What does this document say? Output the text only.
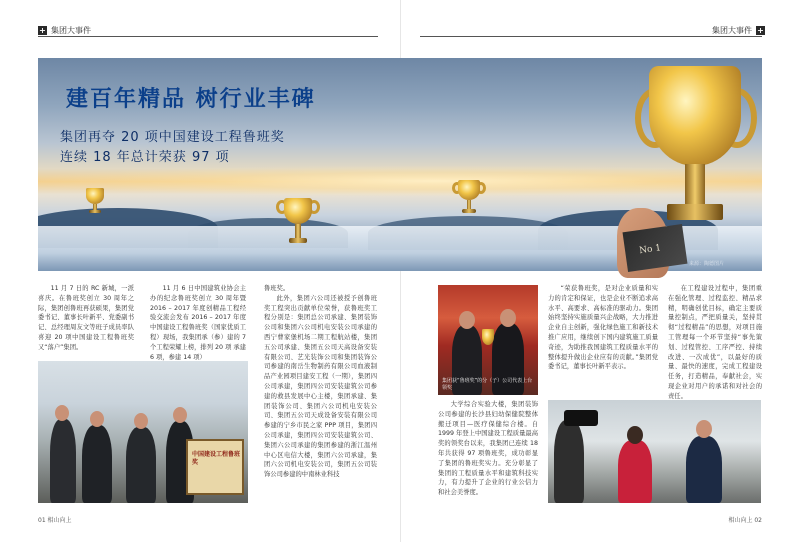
+ 集团大事件	集团大事件 +
建百年精品 树行业丰碑
集团再夺 20 项中国建设工程鲁班奖
连续 18 年总计荣获 97 项
来源：陶德图片
No 1

11 月 7 日的 RC 新城，一派喜庆。在鲁班奖创立 30 周年之际，集团创鲁班再获硕果，集团党委书记、董事长叶新平、党委副书记、总经理周友文等班子成员率队喜迎 20 项中国建设工程鲁班奖又“落户”集团。

11 月 6 日中国建筑业协会主办的纪念鲁班奖创立 30 周年暨 2016 – 2017 年度创精品工程经验交流会发布 2016 – 2017 年度中国建设工程鲁班奖（国家优质工程）现场，我集团承（参）建的 7 个工程荣耀上榜，排列 20 项 承建 6 项，参建 14 项）

鲁班奖。

此外，集团六公司还被授予创鲁班奖工程突出贡献单位荣誉，获鲁班奖工程分别是：集团总公司承建、集团装饰公司和集团六公司机电安装公司承建的西宁曹家堡机场二期工程航站楼，集团五公司承建、集团五公司天高设备安装有限公司、艺光装饰公司和集团装饰公司参建的南岳生物制药有限公司血液制品产业园项目建安工程（一期），集团四公司承建，集团四公司安装建筑公司参建的救县发展中心主楼，集团承建、集团装饰公司、集团六公司机电安装公司、集团五公司天成设备安装有限公司参建的宁乡市民之家 PPP 项目，集团四公司承建，集团四公司安装建筑公司、集团六公司承建的集团参建的浙江温州中心区电信大楼，集团六公司承建，集团六公司机电安装公司，集团五公司装饰公司参建的中南林业科技

中国建设工程鲁班奖
集团获“鲁班奖”的分（子）公司代表上台领奖

“荣获鲁班奖，是对企业质量和实力的肯定和保证，也是企业不断追求高水平、高要求、高标准的驱动力。集团始终坚持实施质量兴企战略，大力推进企业自主创新，强化绿色施工和新技术推广应用，继续创下国内建筑施工质量奇迹，为助推我国建筑工程质量水平的整体提升做出企业应有的贡献。”集团党委书记，董事长叶新平表示。

大学综合实验大楼，集团装饰公司参建的长沙县妇幼保健院整体搬迁项目—医疗保健综合楼。自 1999 年登上中国建设工程质量最高奖的领奖台以来，我集团已连续 18 年共获得 97 项鲁班奖，成功彰显了集团的鲁班奖实力。充分彰显了集团的工程质量水平和建筑科技实力，有力提升了企业的行业公信力和社会美誉度。

在工程建设过程中，集团重在强化管理、过程监控、精品求精，明确创优目标，确定主要质量控制点，严把质量关，坚持贯彻“过程精品”的思想，对项目施工管理每一个环节坚持“事先策划、过程管控、工序严控、持续改进、一次成优”，以最好的质量、最快的速度，完成工程建设任务，打造精品，奉献社会，实现企业对用户的承诺和对社会的责任。

01 相山向上	相山向上 02
